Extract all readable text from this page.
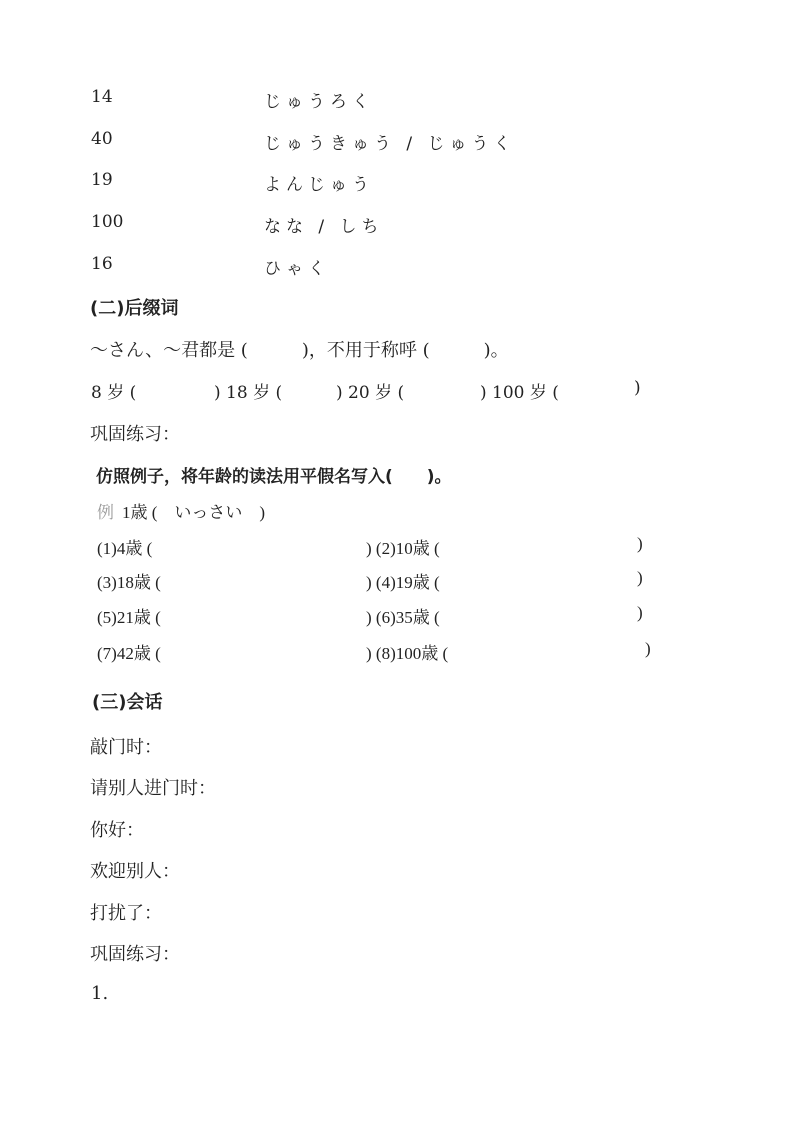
14	じゅうろく
40	じゅうきゅう / じゅうく
19	よんじゅう
100	なな / しち
16	ひゃく
(二)后缀词
～さん、～君都是 (　　　)，不用于称呼 (　　　)。
8 岁 (	) 18 岁 (	) 20 岁 (	) 100 岁 (	)
巩固练习：
仿照例子，将年龄的读法用平假名写入(　　)。
例 1歳 (　いっさい　)
(1)4歳 (	) (2)10歳 (	)
(3)18歳 (	) (4)19歳 (	)
(5)21歳 (	) (6)35歳 (	)
(7)42歳 (	) (8)100歳 (	)
(三)会话
敲门时：
请别人进门时：
你好：
欢迎别人：
打扰了：
巩固练习：
1.
